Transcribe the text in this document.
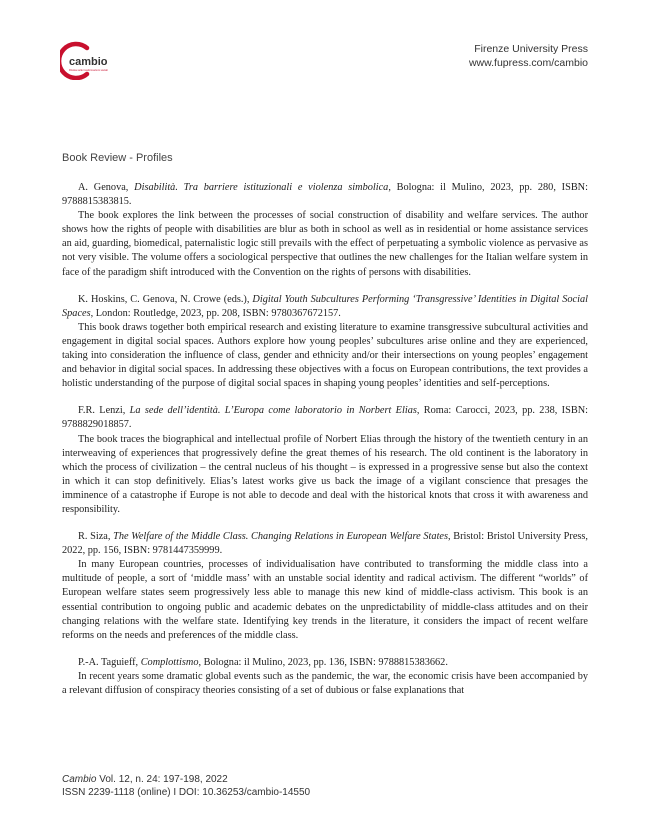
cambio
Rivista sulle trasformazioni sociali
Firenze University Press
www.fupress.com/cambio
Book Review - Profiles

A. Genova, Disabilità. Tra barriere istituzionali e violenza simbolica, Bologna: il Mulino, 2023, pp. 280, ISBN: 9788815383815.

The book explores the link between the processes of social construction of disability and welfare services. The author shows how the rights of people with disabilities are blur as both in school as well as in residential or home assistance services an aid, guarding, biomedical, paternalistic logic still prevails with the effect of perpetuating a symbolic violence as pervasive as not very visible. The volume offers a sociological perspective that outlines the new challenges for the Italian welfare system in face of the paradigm shift introduced with the Convention on the rights of persons with disabilities.

K. Hoskins, C. Genova, N. Crowe (eds.), Digital Youth Subcultures Performing ‘Transgressive’ Identities in Digital Social Spaces, London: Routledge, 2023, pp. 208, ISBN: 9780367672157.

This book draws together both empirical research and existing literature to examine transgressive subcultural activities and engagement in digital social spaces. Authors explore how young peoples’ subcultures arise online and they are experienced, taking into consideration the influence of class, gender and ethnicity and/or their intersections on young peoples’ engagement and behavior in digital social spaces. In addressing these objectives with a focus on European contributions, the text provides a holistic understanding of the purpose of digital social spaces in shaping young peoples’ identities and self-perceptions.

F.R. Lenzi, La sede dell’identità. L’Europa come laboratorio in Norbert Elias, Roma: Carocci, 2023, pp. 238, ISBN: 9788829018857.

The book traces the biographical and intellectual profile of Norbert Elias through the history of the twentieth century in an interweaving of experiences that progressively define the great themes of his research. The old continent is the laboratory in which the process of civilization – the central nucleus of his thought – is expressed in a progressive sense but also the context in which it can stop definitively. Elias’s latest works give us back the image of a vigilant conscience that presages the imminence of a catastrophe if Europe is not able to decode and deal with the historical knots that cross it with awareness and responsibility.

R. Siza, The Welfare of the Middle Class. Changing Relations in European Welfare States, Bristol: Bristol University Press, 2022, pp. 156, ISBN: 9781447359999.

In many European countries, processes of individualisation have contributed to transforming the middle class into a multitude of people, a sort of ‘middle mass’ with an unstable social identity and radical activism. The different “worlds” of European welfare states seem progressively less able to manage this new kind of middle-class activism. This book is an essential contribution to ongoing public and academic debates on the unpredictability of middle-class attitudes and on their changing relations with the welfare state. Identifying key trends in the literature, it considers the impact of recent welfare reforms on the needs and preferences of the middle class.

P.-A. Taguieff, Complottismo, Bologna: il Mulino, 2023, pp. 136, ISBN: 9788815383662.

In recent years some dramatic global events such as the pandemic, the war, the economic crisis have been accompanied by a relevant diffusion of conspiracy theories consisting of a set of dubious or false explanations that

Cambio Vol. 12, n. 24: 197-198, 2022
ISSN 2239-1118 (online) I DOI: 10.36253/cambio-14550
